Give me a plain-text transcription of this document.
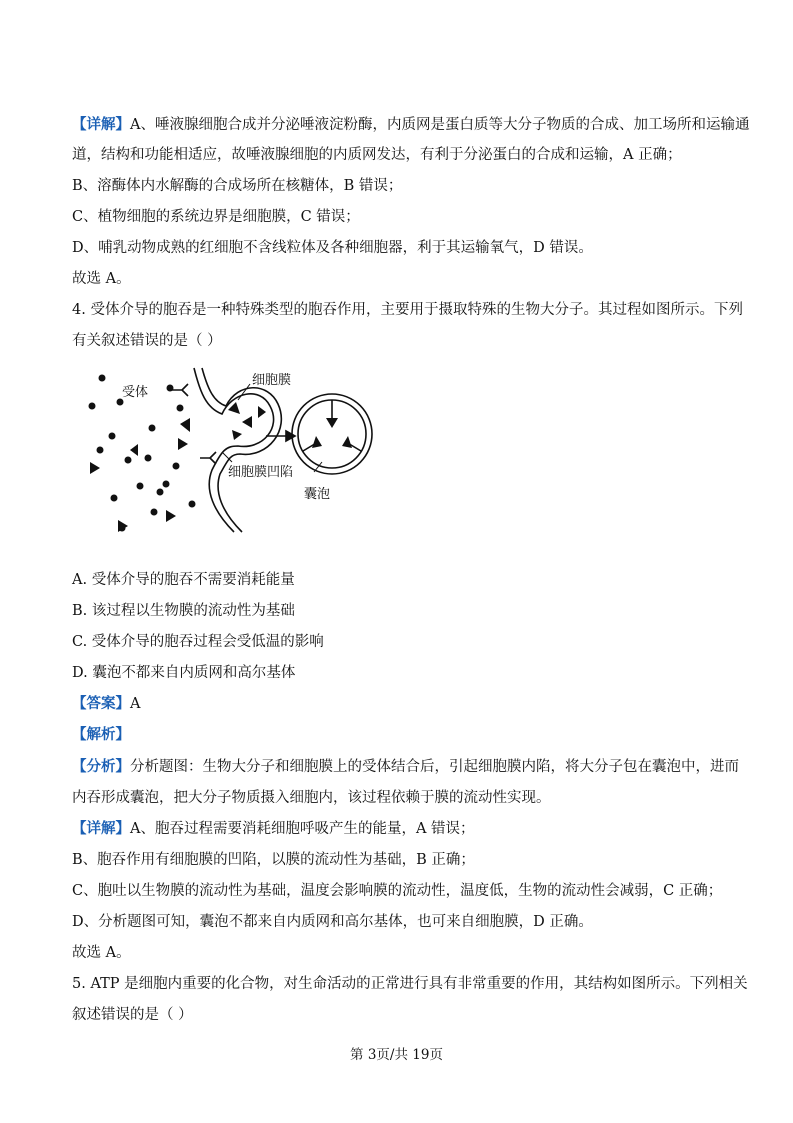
【详解】A、唾液腺细胞合成并分泌唾液淀粉酶，内质网是蛋白质等大分子物质的合成、加工场所和运输通
道，结构和功能相适应，故唾液腺细胞的内质网发达，有利于分泌蛋白的合成和运输，A 正确；
B、溶酶体内水解酶的合成场所在核糖体，B 错误；
C、植物细胞的系统边界是细胞膜，C 错误；
D、哺乳动物成熟的红细胞不含线粒体及各种细胞器，利于其运输氧气，D 错误。
故选 A。
4. 受体介导的胞吞是一种特殊类型的胞吞作用，主要用于摄取特殊的生物大分子。其过程如图所示。下列
有关叙述错误的是（ ）
受体
细胞膜
细胞膜凹陷
囊泡
A. 受体介导的胞吞不需要消耗能量
B. 该过程以生物膜的流动性为基础
C. 受体介导的胞吞过程会受低温的影响
D. 囊泡不都来自内质网和高尔基体
【答案】A
【解析】
【分析】分析题图：生物大分子和细胞膜上的受体结合后，引起细胞膜内陷，将大分子包在囊泡中，进而
内吞形成囊泡，把大分子物质摄入细胞内，该过程依赖于膜的流动性实现。
【详解】A、胞吞过程需要消耗细胞呼吸产生的能量，A 错误；
B、胞吞作用有细胞膜的凹陷，以膜的流动性为基础，B 正确；
C、胞吐以生物膜的流动性为基础，温度会影响膜的流动性，温度低，生物的流动性会减弱，C 正确；
D、分析题图可知，囊泡不都来自内质网和高尔基体，也可来自细胞膜，D 正确。
故选 A。
5. ATP 是细胞内重要的化合物，对生命活动的正常进行具有非常重要的作用，其结构如图所示。下列相关
叙述错误的是（ ）
第 3页/共 19页
